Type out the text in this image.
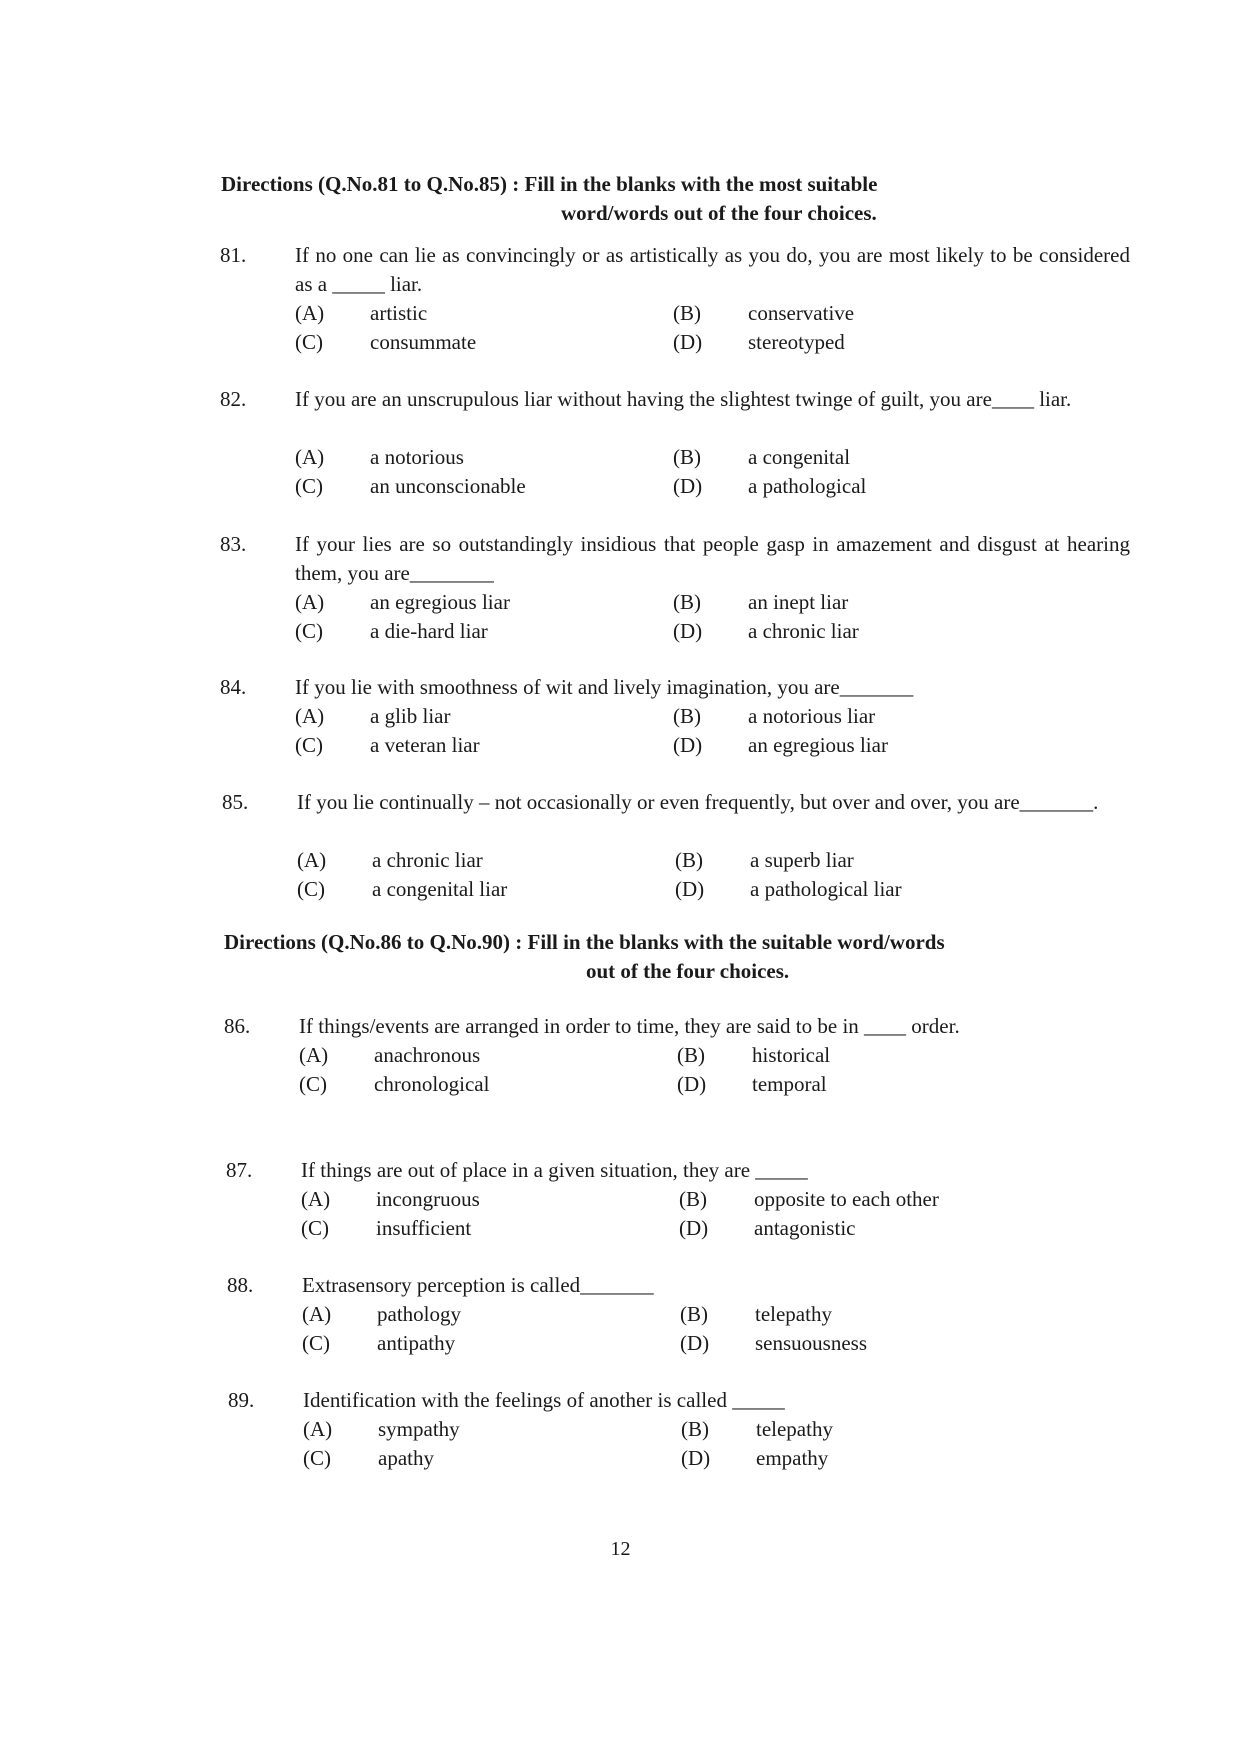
Directions (Q.No.81 to Q.No.85) : Fill in the blanks with the most suitable
word/words out of the four choices.
81. If no one can lie as convincingly or as artistically as you do, you are most likely to be considered as a _____ liar.
(A) artistic	(B) conservative
(C) consummate	(D) stereotyped
82. If you are an unscrupulous liar without having the slightest twinge of guilt, you are____ liar.
(A) a notorious	(B) a congenital
(C) an unconscionable	(D) a pathological
83. If your lies are so outstandingly insidious that people gasp in amazement and disgust at hearing them, you are________
(A) an egregious liar	(B) an inept liar
(C) a die-hard liar	(D) a chronic liar
84. If you lie with smoothness of wit and lively imagination, you are_______
(A) a glib liar	(B) a notorious liar
(C) a veteran liar	(D) an egregious liar
85. If you lie continually – not occasionally or even frequently, but over and over, you are_______.
(A) a chronic liar	(B) a superb liar
(C) a congenital liar	(D) a pathological liar
Directions (Q.No.86 to Q.No.90) : Fill in the blanks with the suitable word/words
out of the four choices.
86. If things/events are arranged in order to time, they are said to be in ____ order.
(A) anachronous	(B) historical
(C) chronological	(D) temporal
87. If things are out of place in a given situation, they are _____
(A) incongruous	(B) opposite to each other
(C) insufficient	(D) antagonistic
88. Extrasensory perception is called_______
(A) pathology	(B) telepathy
(C) antipathy	(D) sensuousness
89. Identification with the feelings of another is called _____
(A) sympathy	(B) telepathy
(C) apathy	(D) empathy
12
